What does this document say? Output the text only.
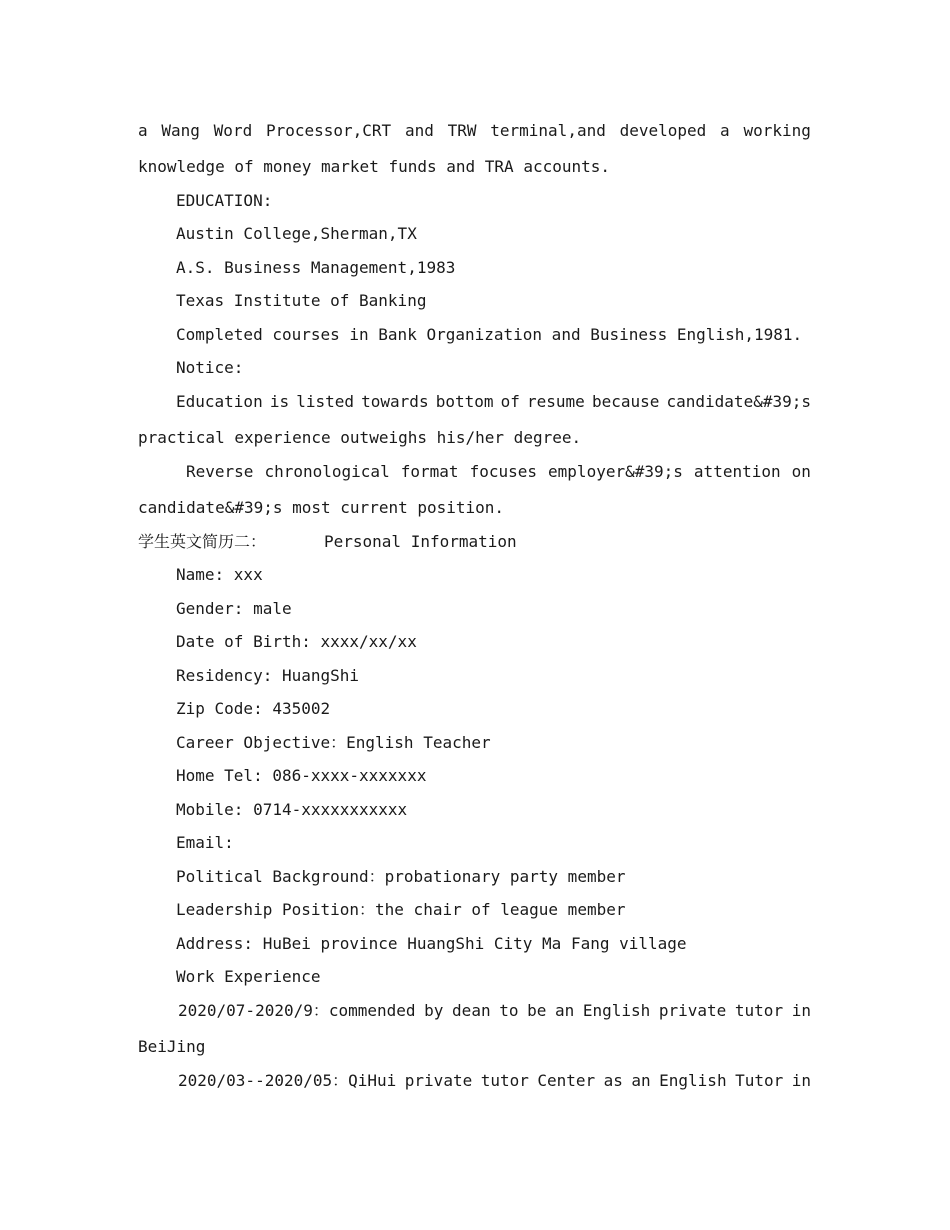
a Wang Word Processor,CRT and TRW terminal,and developed a working
knowledge of money market funds and TRA accounts.
EDUCATION:
Austin College,Sherman,TX
A.S. Business Management,1983
Texas Institute of Banking
Completed courses in Bank Organization and Business English,1981.
Notice:
Education is listed towards bottom of resume because candidate&#39;s
practical experience outweighs his/her degree.
Reverse chronological format focuses employer&#39;s attention on
candidate&#39;s most current position.
学生英文简历二：	Personal Information
Name: xxx
Gender: male
Date of Birth: xxxx/xx/xx
Residency: HuangShi
Zip Code: 435002
Career Objective：English Teacher
Home Tel: 086-xxxx-xxxxxxx
Mobile: 0714-xxxxxxxxxxx
Email:
Political Background：probationary party member
Leadership Position：the chair of league member
Address: HuBei province HuangShi City Ma Fang village
Work Experience
2020/07-2020/9：commended by dean to be an English private tutor in
BeiJing
2020/03--2020/05：QiHui private tutor Center as an English Tutor in
